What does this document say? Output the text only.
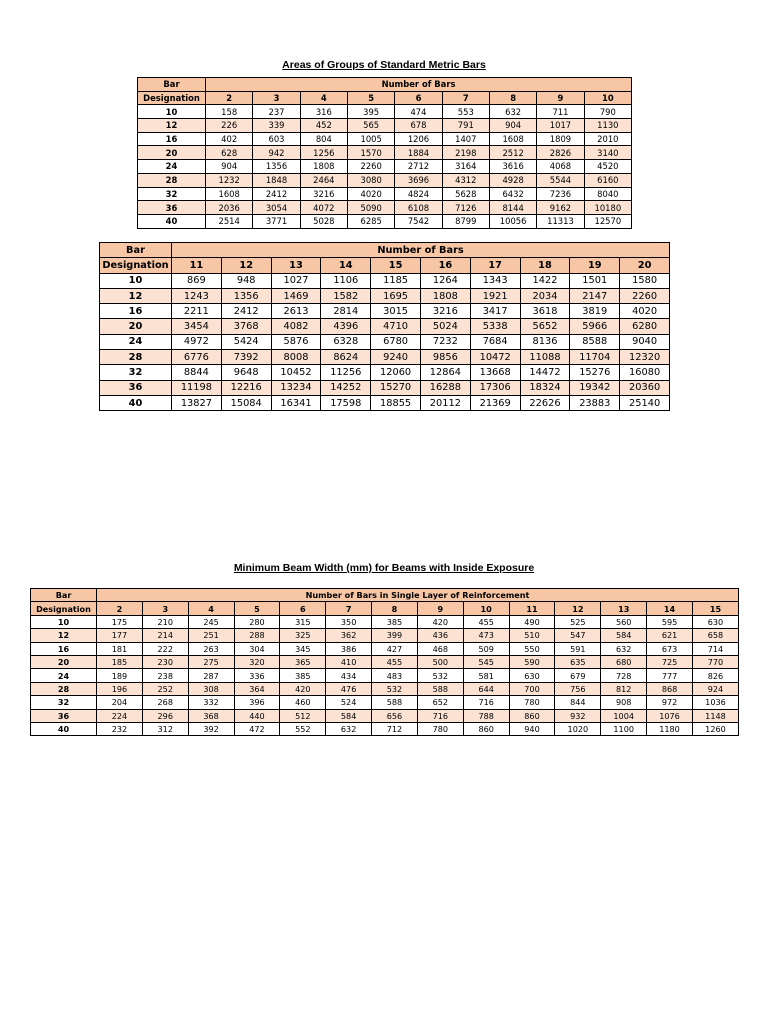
Areas of Groups of Standard Metric Bars
Bar	Number of Bars								
Designation	2	3	4	5	6	7	8	9	10
10	158	237	316	395	474	553	632	711	790
12	226	339	452	565	678	791	904	1017	1130
16	402	603	804	1005	1206	1407	1608	1809	2010
20	628	942	1256	1570	1884	2198	2512	2826	3140
24	904	1356	1808	2260	2712	3164	3616	4068	4520
28	1232	1848	2464	3080	3696	4312	4928	5544	6160
32	1608	2412	3216	4020	4824	5628	6432	7236	8040
36	2036	3054	4072	5090	6108	7126	8144	9162	10180
40	2514	3771	5028	6285	7542	8799	10056	11313	12570
Bar	Number of Bars									
Designation	11	12	13	14	15	16	17	18	19	20
10	869	948	1027	1106	1185	1264	1343	1422	1501	1580
12	1243	1356	1469	1582	1695	1808	1921	2034	2147	2260
16	2211	2412	2613	2814	3015	3216	3417	3618	3819	4020
20	3454	3768	4082	4396	4710	5024	5338	5652	5966	6280
24	4972	5424	5876	6328	6780	7232	7684	8136	8588	9040
28	6776	7392	8008	8624	9240	9856	10472	11088	11704	12320
32	8844	9648	10452	11256	12060	12864	13668	14472	15276	16080
36	11198	12216	13234	14252	15270	16288	17306	18324	19342	20360
40	13827	15084	16341	17598	18855	20112	21369	22626	23883	25140
Minimum Beam Width (mm) for Beams with Inside Exposure
Bar	Number of Bars in Single Layer of Reinforcement													
Designation	2	3	4	5	6	7	8	9	10	11	12	13	14	15
10	175	210	245	280	315	350	385	420	455	490	525	560	595	630
12	177	214	251	288	325	362	399	436	473	510	547	584	621	658
16	181	222	263	304	345	386	427	468	509	550	591	632	673	714
20	185	230	275	320	365	410	455	500	545	590	635	680	725	770
24	189	238	287	336	385	434	483	532	581	630	679	728	777	826
28	196	252	308	364	420	476	532	588	644	700	756	812	868	924
32	204	268	332	396	460	524	588	652	716	780	844	908	972	1036
36	224	296	368	440	512	584	656	716	788	860	932	1004	1076	1148
40	232	312	392	472	552	632	712	780	860	940	1020	1100	1180	1260
